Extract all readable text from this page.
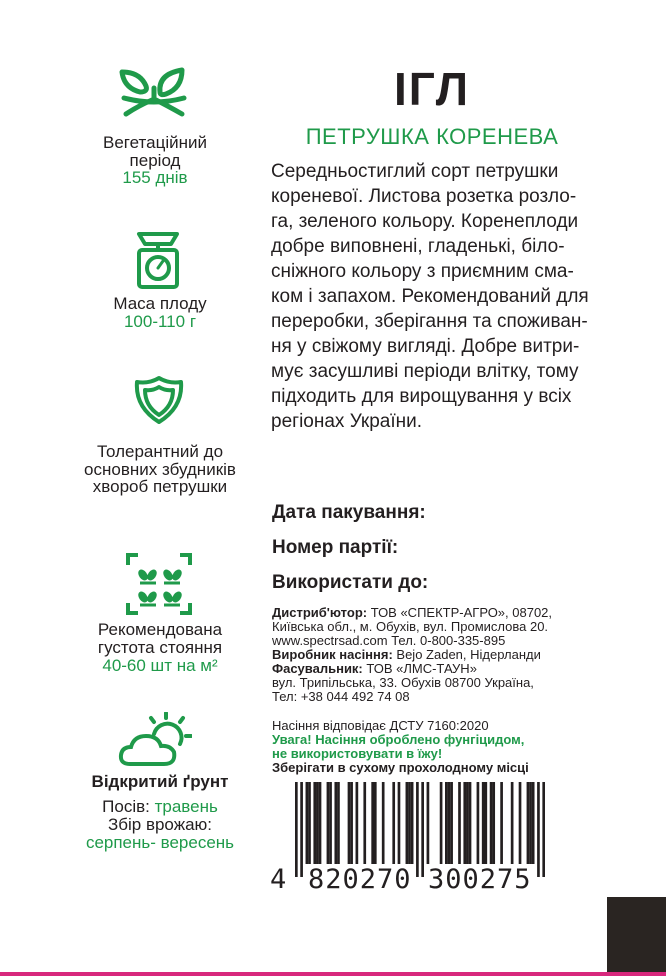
Вегетаційний
період
155 днів
Маса плоду
100-110 г
Толерантний до
основних збудників
хвороб петрушки
Рекомендована
густота стояння
40-60 шт на м²
Відкритий ґрунт
Посів: травень
Збір врожаю:
серпень- вересень
ІГЛ
ПЕТРУШКА КОРЕНЕВА
Середньостиглий сорт петрушки
кореневої. Листова розетка розло-
га, зеленого кольору. Коренеплоди
добре виповнені, гладенькі, біло-
сніжного кольору з приємним сма-
ком і запахом. Рекомендований для
переробки, зберігання та споживан-
ня у свіжому вигляді. Добре витри-
мує засушливі періоди влітку, тому
підходить для вирощування у всіх
регіонах України.
Дата пакування:
Номер партії:
Використати до:
Дистриб'ютор: ТОВ «СПЕКТР-АГРО», 08702,
Київська обл., м. Обухів, вул. Промислова 20.
www.spectrsad.com Тел. 0-800-335-895
Виробник насіння: Bejo Zaden, Нідерланди
Фасувальник: ТОВ «ЛМС-ТАУН»
вул. Трипільська, 33. Обухів 08700 Україна,
Тел: +38 044 492 74 08
Насіння відповідає ДСТУ 7160:2020
Увага! Насіння оброблено фунгіцидом,
не використовувати в їжу!
Зберігати в сухому прохолодному місці
4 820270 300275
